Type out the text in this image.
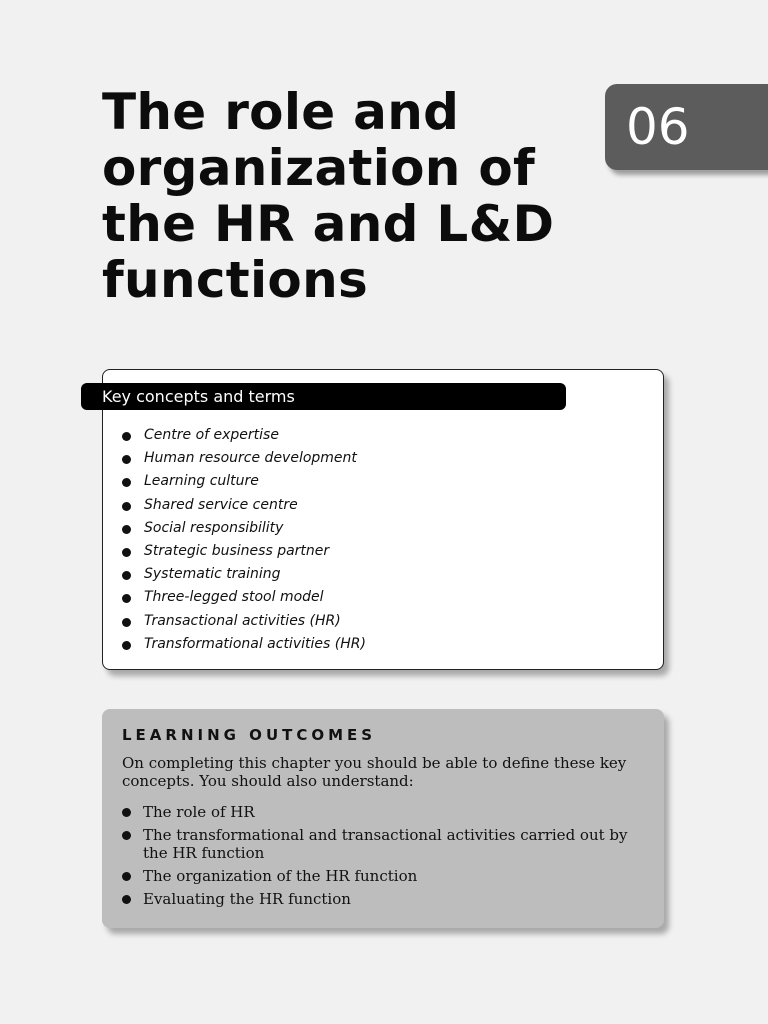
The role and organization of the HR and L&D functions
06
Key concepts and terms
Centre of expertise
Human resource development
Learning culture
Shared service centre
Social responsibility
Strategic business partner
Systematic training
Three-legged stool model
Transactional activities (HR)
Transformational activities (HR)
LEARNING OUTCOMES

On completing this chapter you should be able to define these key concepts. You should also understand:

The role of HR
The transformational and transactional activities carried out by the HR function
The organization of the HR function
Evaluating the HR function
